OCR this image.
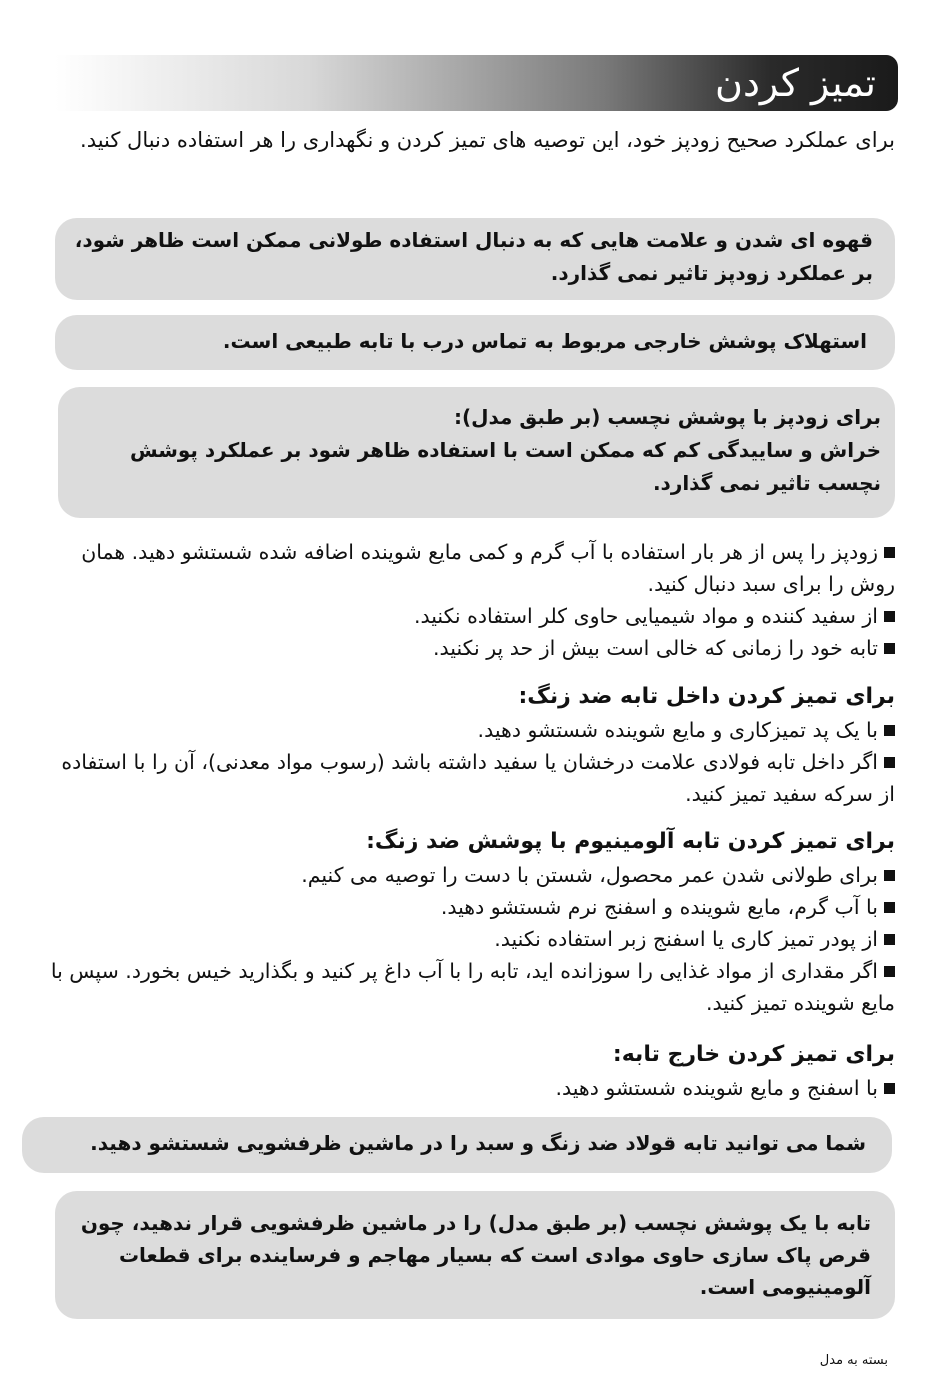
تمیز کردن
برای عملکرد صحیح زودپز خود، این توصیه های تمیز کردن و نگهداری را هر استفاده دنبال کنید.

قهوه ای شدن و علامت هایی که به دنبال استفاده طولانی ممکن است ظاهر شود،

بر عملکرد زودپز تاثیر نمی گذارد.

استهلاک پوشش خارجی مربوط به تماس درب با تابه طبیعی است.

برای زودپز با پوشش نچسب (بر طبق مدل):

خراش و ساییدگی کم که ممکن است با استفاده ظاهر شود بر عملکرد پوشش

نچسب تاثیر نمی گذارد.

زودپز را پس از هر بار استفاده با آب گرم و کمی مایع شوینده اضافه شده شستشو دهید. همان روش را برای سبد دنبال کنید.

از سفید کننده و مواد شیمیایی حاوی کلر استفاده نکنید.

تابه خود را زمانی که خالی است بیش از حد پر نکنید.

برای تمیز کردن داخل تابه ضد زنگ:

با یک پد تمیزکاری و مایع شوینده شستشو دهید.

اگر داخل تابه فولادی علامت درخشان یا سفید داشته باشد (رسوب مواد معدنی)، آن را با استفاده از سرکه سفید تمیز کنید.

برای تمیز کردن تابه آلومینیوم با پوشش ضد زنگ:

برای طولانی شدن عمر محصول، شستن با دست را توصیه می کنیم.

با آب گرم، مایع شوینده و اسفنج نرم شستشو دهید.

از پودر تمیز کاری یا اسفنج زبر استفاده نکنید.

اگر مقداری از مواد غذایی را سوزانده اید، تابه را با آب داغ پر کنید و بگذارید خیس بخورد. سپس با مایع شوینده تمیز کنید.

برای تمیز کردن خارج تابه:

با اسفنج و مایع شوینده شستشو دهید.

شما می توانید تابه قولاد ضد زنگ و سبد را در ماشین ظرفشویی شستشو دهید.

تابه با یک پوشش نچسب (بر طبق مدل) را در ماشین ظرفشویی قرار ندهید، چون

قرص پاک سازی حاوی موادی است که بسیار مهاجم و فرساینده برای قطعات

آلومینیومی است.

بسته به مدل
